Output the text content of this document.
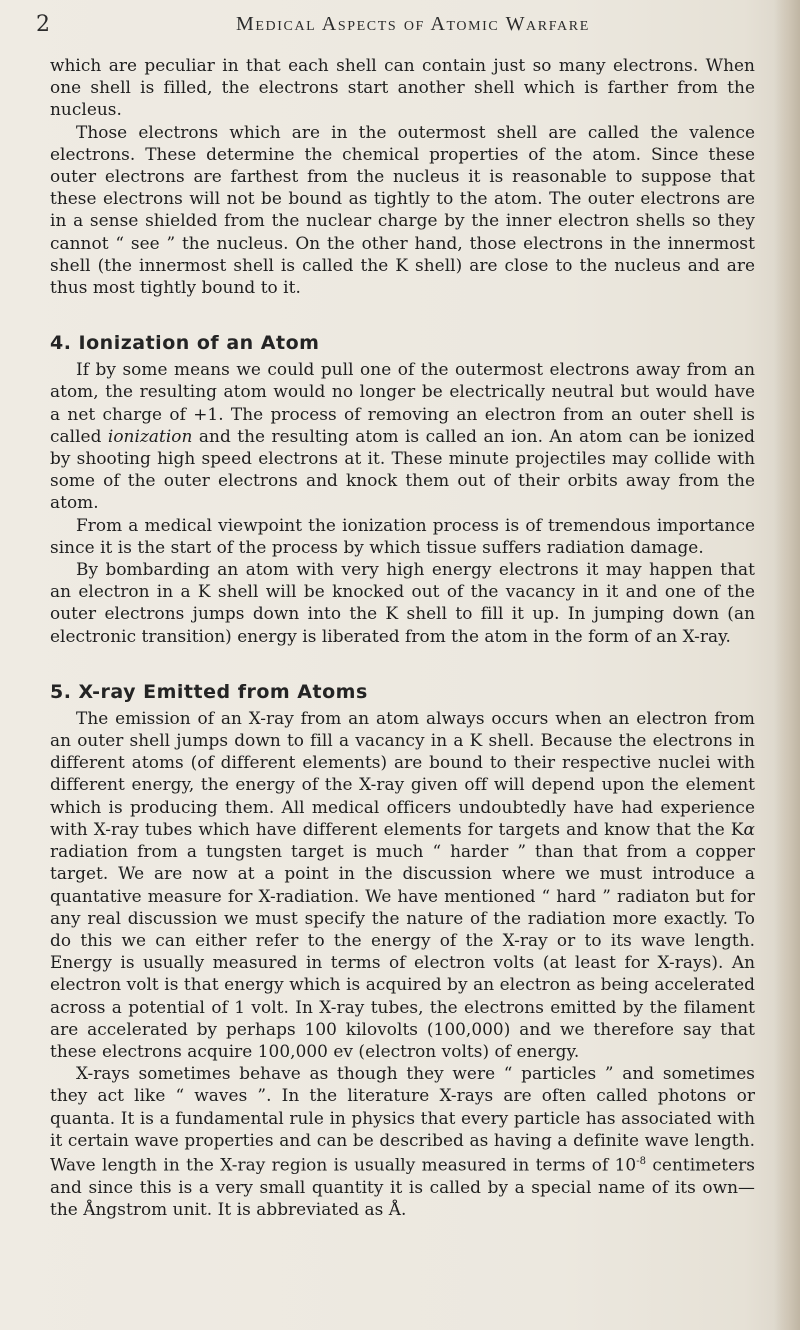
2	Medical Aspects of Atomic Warfare

which are peculiar in that each shell can contain just so many electrons. When one shell is filled, the electrons start another shell which is farther from the nucleus.

Those electrons which are in the outermost shell are called the valence electrons. These determine the chemical properties of the atom. Since these outer electrons are farthest from the nucleus it is reasonable to suppose that these electrons will not be bound as tightly to the atom. The outer electrons are in a sense shielded from the nuclear charge by the inner electron shells so they cannot “ see ” the nucleus. On the other hand, those electrons in the innermost shell (the innermost shell is called the K shell) are close to the nucleus and are thus most tightly bound to it.

4. Ionization of an Atom

If by some means we could pull one of the outermost electrons away from an atom, the resulting atom would no longer be electrically neutral but would have a net charge of +1. The process of removing an electron from an outer shell is called ionization and the resulting atom is called an ion. An atom can be ionized by shooting high speed electrons at it. These minute projectiles may collide with some of the outer electrons and knock them out of their orbits away from the atom.

From a medical viewpoint the ionization process is of tremendous importance since it is the start of the process by which tissue suffers radiation damage.

By bombarding an atom with very high energy electrons it may happen that an electron in a K shell will be knocked out of the vacancy in it and one of the outer electrons jumps down into the K shell to fill it up. In jumping down (an electronic transition) energy is liberated from the atom in the form of an X-ray.

5. X-ray Emitted from Atoms

The emission of an X-ray from an atom always occurs when an electron from an outer shell jumps down to fill a vacancy in a K shell. Because the electrons in different atoms (of different elements) are bound to their respective nuclei with different energy, the energy of the X-ray given off will depend upon the element which is producing them. All medical officers undoubtedly have had experience with X-ray tubes which have different elements for targets and know that the Kα radiation from a tungsten target is much “ harder ” than that from a copper target. We are now at a point in the discussion where we must introduce a quantative measure for X-radiation. We have mentioned “ hard ” radiaton but for any real discussion we must specify the nature of the radiation more exactly. To do this we can either refer to the energy of the X-ray or to its wave length. Energy is usually measured in terms of electron volts (at least for X-rays). An electron volt is that energy which is acquired by an electron as being accelerated across a potential of 1 volt. In X-ray tubes, the electrons emitted by the filament are accelerated by perhaps 100 kilovolts (100,000) and we therefore say that these electrons acquire 100,000 ev (electron volts) of energy.

X-rays sometimes behave as though they were “ particles ” and sometimes they act like “ waves ”. In the literature X-rays are often called photons or quanta. It is a fundamental rule in physics that every particle has associated with it certain wave properties and can be described as having a definite wave length. Wave length in the X-ray region is usually measured in terms of $10^{-8}$ centimeters and since this is a very small quantity it is called by a special name of its own—the Ångstrom unit. It is abbreviated as Å.
